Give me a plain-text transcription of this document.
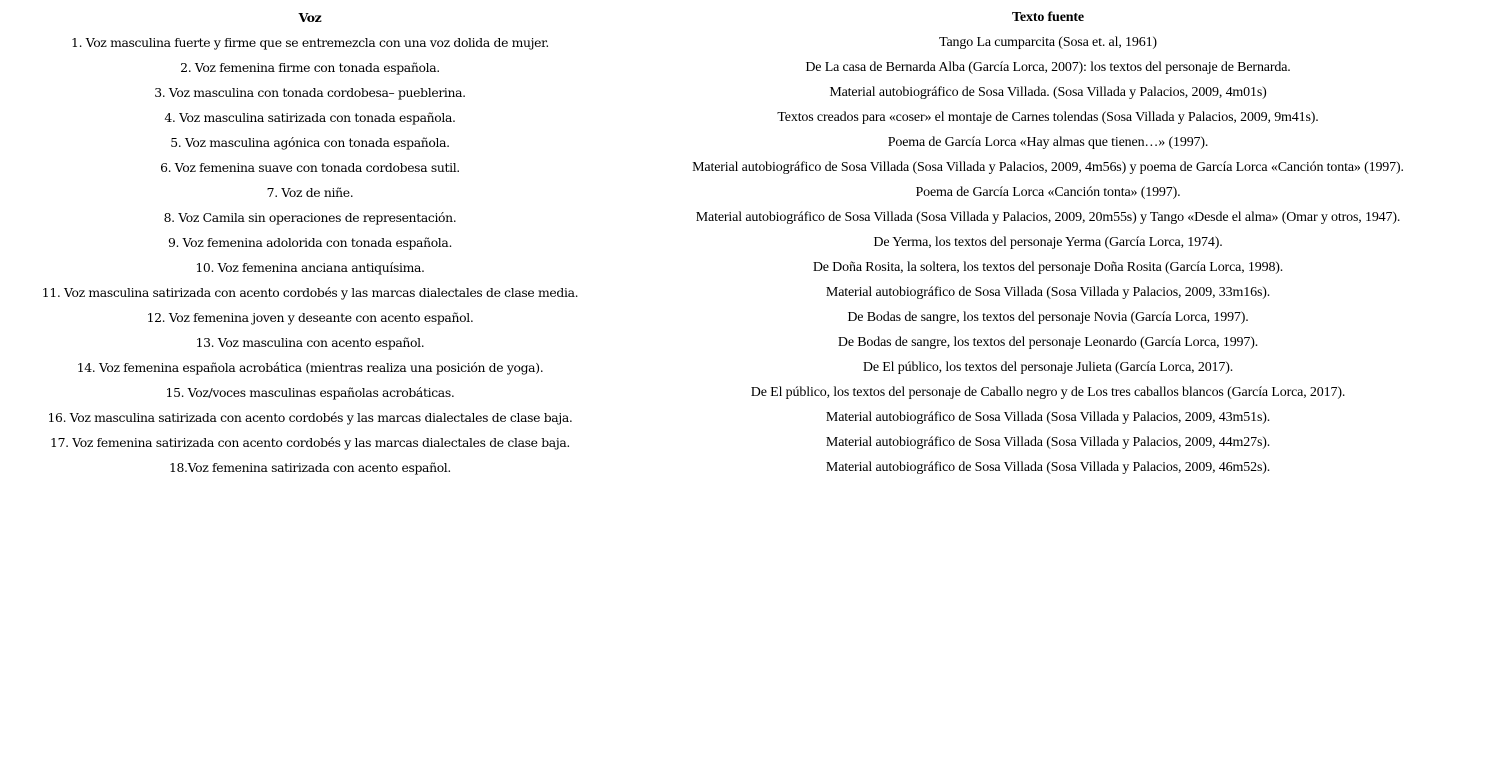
Voz	Texto fuente
1. Voz masculina fuerte y firme que se entremezcla con una voz dolida de mujer.	Tango La cumparcita (Sosa et. al, 1961)
2. Voz femenina firme con tonada española.	De La casa de Bernarda Alba (García Lorca, 2007): los textos del personaje de Bernarda.
3. Voz masculina con tonada cordobesa– pueblerina.	Material autobiográfico de Sosa Villada. (Sosa Villada y Palacios, 2009, 4m01s)
4. Voz masculina satirizada con tonada española.	Textos creados para «coser» el montaje de Carnes tolendas (Sosa Villada y Palacios, 2009, 9m41s).
5. Voz masculina agónica con tonada española.	Poema de García Lorca «Hay almas que tienen…» (1997).
6. Voz femenina suave con tonada cordobesa sutil.	Material autobiográfico de Sosa Villada (Sosa Villada y Palacios, 2009, 4m56s) y poema de García Lorca «Canción tonta» (1997).
7. Voz de niñe.	Poema de García Lorca «Canción tonta» (1997).
8. Voz Camila sin operaciones de representación.	Material autobiográfico de Sosa Villada (Sosa Villada y Palacios, 2009, 20m55s) y Tango «Desde el alma» (Omar y otros, 1947).
9. Voz femenina adolorida con tonada española.	De Yerma, los textos del personaje Yerma (García Lorca, 1974).
10. Voz femenina anciana antiquísima.	De Doña Rosita, la soltera, los textos del personaje Doña Rosita (García Lorca, 1998).
11. Voz masculina satirizada con acento cordobés y las marcas dialectales de clase media.	Material autobiográfico de Sosa Villada (Sosa Villada y Palacios, 2009, 33m16s).
12. Voz femenina joven y deseante con acento español.	De Bodas de sangre, los textos del personaje Novia (García Lorca, 1997).
13. Voz masculina con acento español.	De Bodas de sangre, los textos del personaje Leonardo (García Lorca, 1997).
14. Voz femenina española acrobática (mientras realiza una posición de yoga).	De El público, los textos del personaje Julieta (García Lorca, 2017).
15. Voz/voces masculinas españolas acrobáticas.	De El público, los textos del personaje de Caballo negro y de Los tres caballos blancos (García Lorca, 2017).
16. Voz masculina satirizada con acento cordobés y las marcas dialectales de clase baja.	Material autobiográfico de Sosa Villada (Sosa Villada y Palacios, 2009, 43m51s).
17. Voz femenina satirizada con acento cordobés y las marcas dialectales de clase baja.	Material autobiográfico de Sosa Villada (Sosa Villada y Palacios, 2009, 44m27s).
18.Voz femenina satirizada con acento español.	Material autobiográfico de Sosa Villada (Sosa Villada y Palacios, 2009, 46m52s).
